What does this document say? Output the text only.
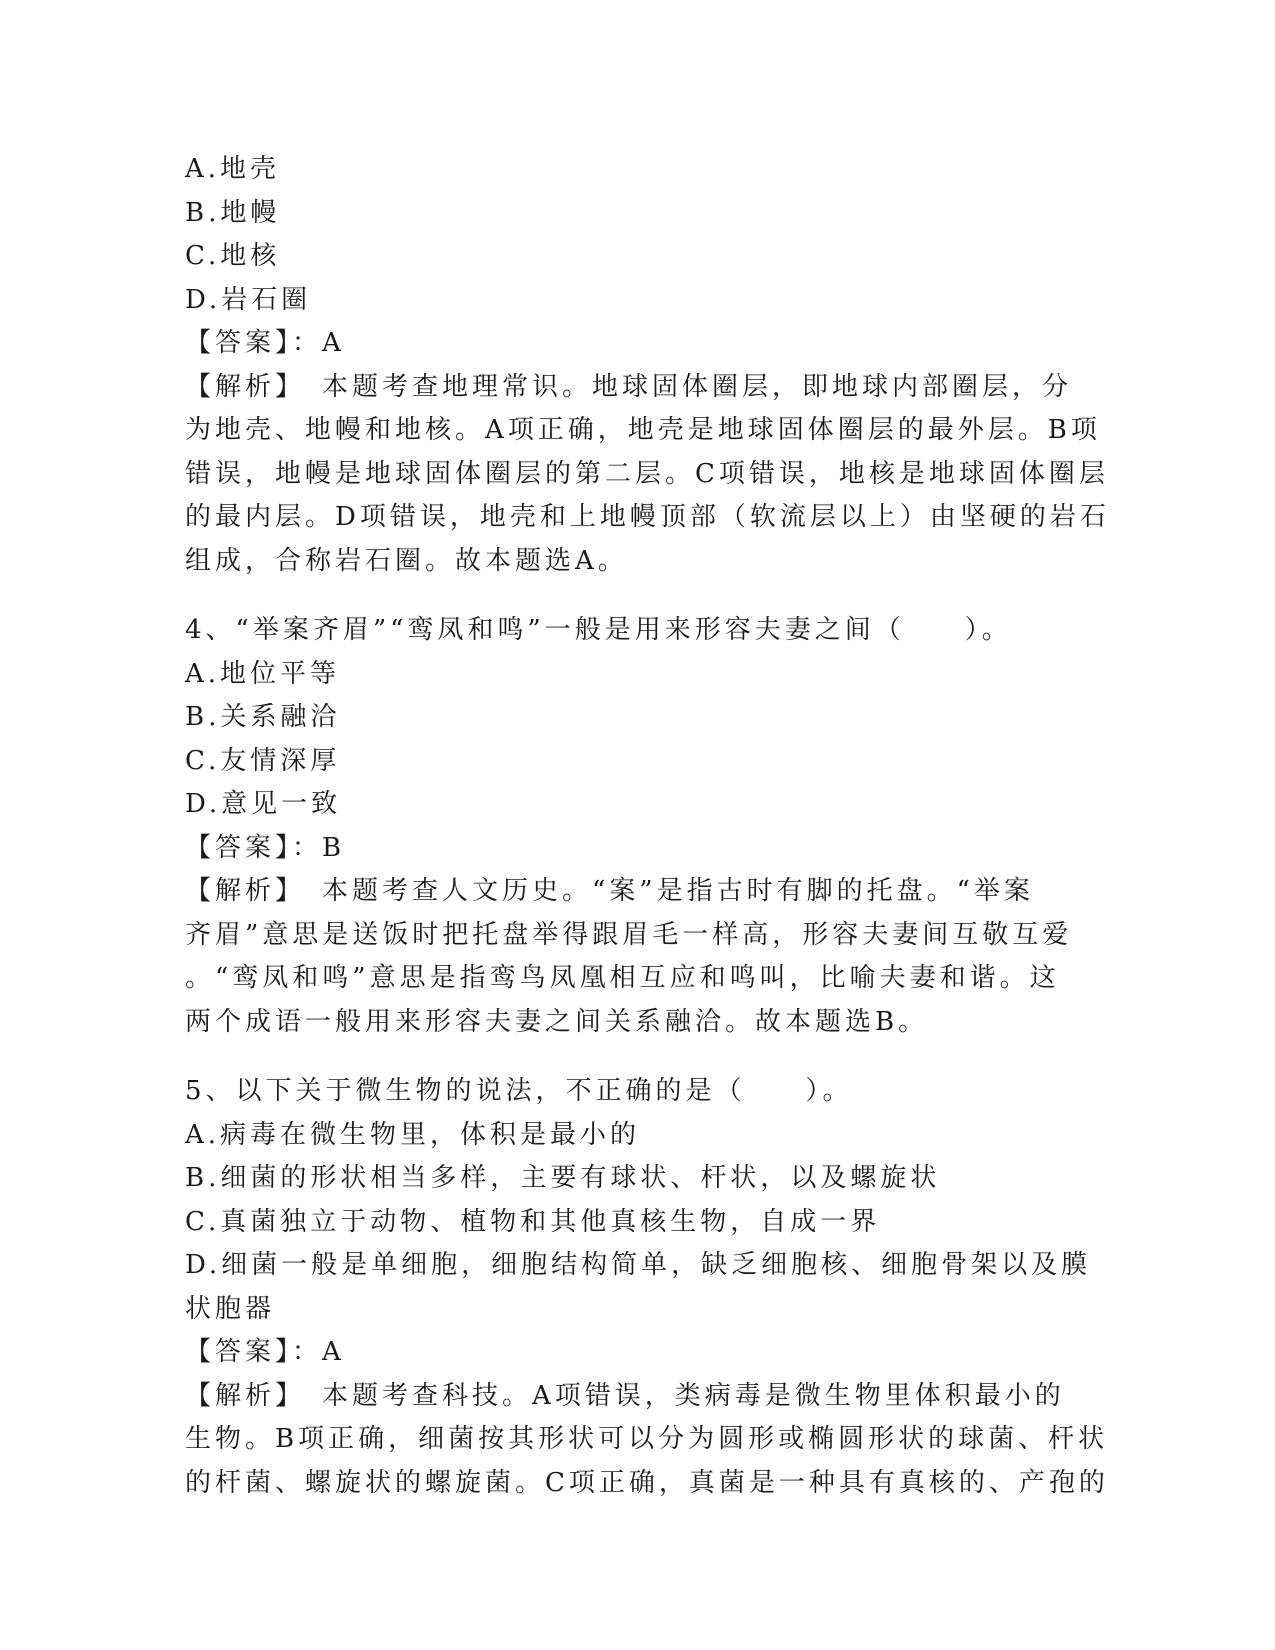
A.地壳
B.地幔
C.地核
D.岩石圈
【答案】：A
【解析】　本题考查地理常识。地球固体圈层，即地球内部圈层，分
为地壳、地幔和地核。A项正确，地壳是地球固体圈层的最外层。B项
错误，地幔是地球固体圈层的第二层。C项错误，地核是地球固体圈层
的最内层。D项错误，地壳和上地幔顶部（软流层以上）由坚硬的岩石
组成，合称岩石圈。故本题选A。
4、“举案齐眉”“鸾凤和鸣”一般是用来形容夫妻之间（　　）。
A.地位平等
B.关系融洽
C.友情深厚
D.意见一致
【答案】：B
【解析】　本题考查人文历史。“案”是指古时有脚的托盘。“举案
齐眉”意思是送饭时把托盘举得跟眉毛一样高，形容夫妻间互敬互爱
。“鸾凤和鸣”意思是指鸾鸟凤凰相互应和鸣叫，比喻夫妻和谐。这
两个成语一般用来形容夫妻之间关系融洽。故本题选B。
5、以下关于微生物的说法，不正确的是（　　）。
A.病毒在微生物里，体积是最小的
B.细菌的形状相当多样，主要有球状、杆状，以及螺旋状
C.真菌独立于动物、植物和其他真核生物，自成一界
D.细菌一般是单细胞，细胞结构简单，缺乏细胞核、细胞骨架以及膜
状胞器
【答案】：A
【解析】　本题考查科技。A项错误，类病毒是微生物里体积最小的
生物。B项正确，细菌按其形状可以分为圆形或椭圆形状的球菌、杆状
的杆菌、螺旋状的螺旋菌。C项正确，真菌是一种具有真核的、产孢的
